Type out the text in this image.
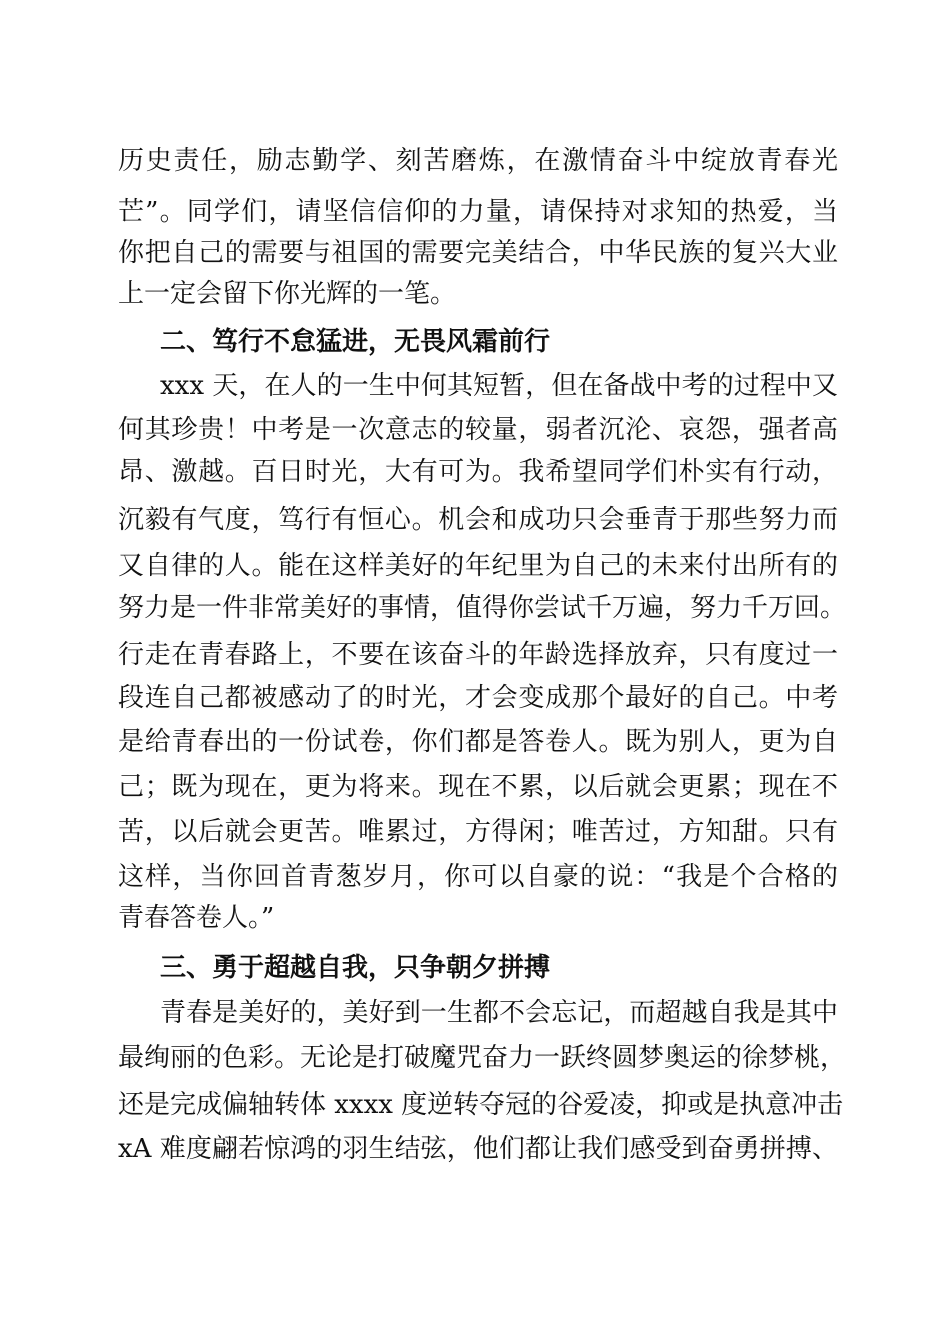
历史责任，励志勤学、刻苦磨炼，在激情奋斗中绽放青春光
芒”。同学们，请坚信信仰的力量，请保持对求知的热爱，当
你把自己的需要与祖国的需要完美结合，中华民族的复兴大业
上一定会留下你光辉的一笔。
二、笃行不怠猛进，无畏风霜前行
xxx 天，在人的一生中何其短暂，但在备战中考的过程中又
何其珍贵！中考是一次意志的较量，弱者沉沦、哀怨，强者高
昂、激越。百日时光，大有可为。我希望同学们朴实有行动，
沉毅有气度，笃行有恒心。机会和成功只会垂青于那些努力而
又自律的人。能在这样美好的年纪里为自己的未来付出所有的
努力是一件非常美好的事情，值得你尝试千万遍，努力千万回。
行走在青春路上，不要在该奋斗的年龄选择放弃，只有度过一
段连自己都被感动了的时光，才会变成那个最好的自己。中考
是给青春出的一份试卷，你们都是答卷人。既为别人，更为自
己；既为现在，更为将来。现在不累，以后就会更累；现在不
苦，以后就会更苦。唯累过，方得闲；唯苦过，方知甜。只有
这样，当你回首青葱岁月，你可以自豪的说：“我是个合格的
青春答卷人。”
三、勇于超越自我，只争朝夕拼搏
青春是美好的，美好到一生都不会忘记，而超越自我是其中
最绚丽的色彩。无论是打破魔咒奋力一跃终圆梦奥运的徐梦桃，
还是完成偏轴转体 xxxx 度逆转夺冠的谷爱凌，抑或是执意冲击
xA 难度翩若惊鸿的羽生结弦，他们都让我们感受到奋勇拼搏、
